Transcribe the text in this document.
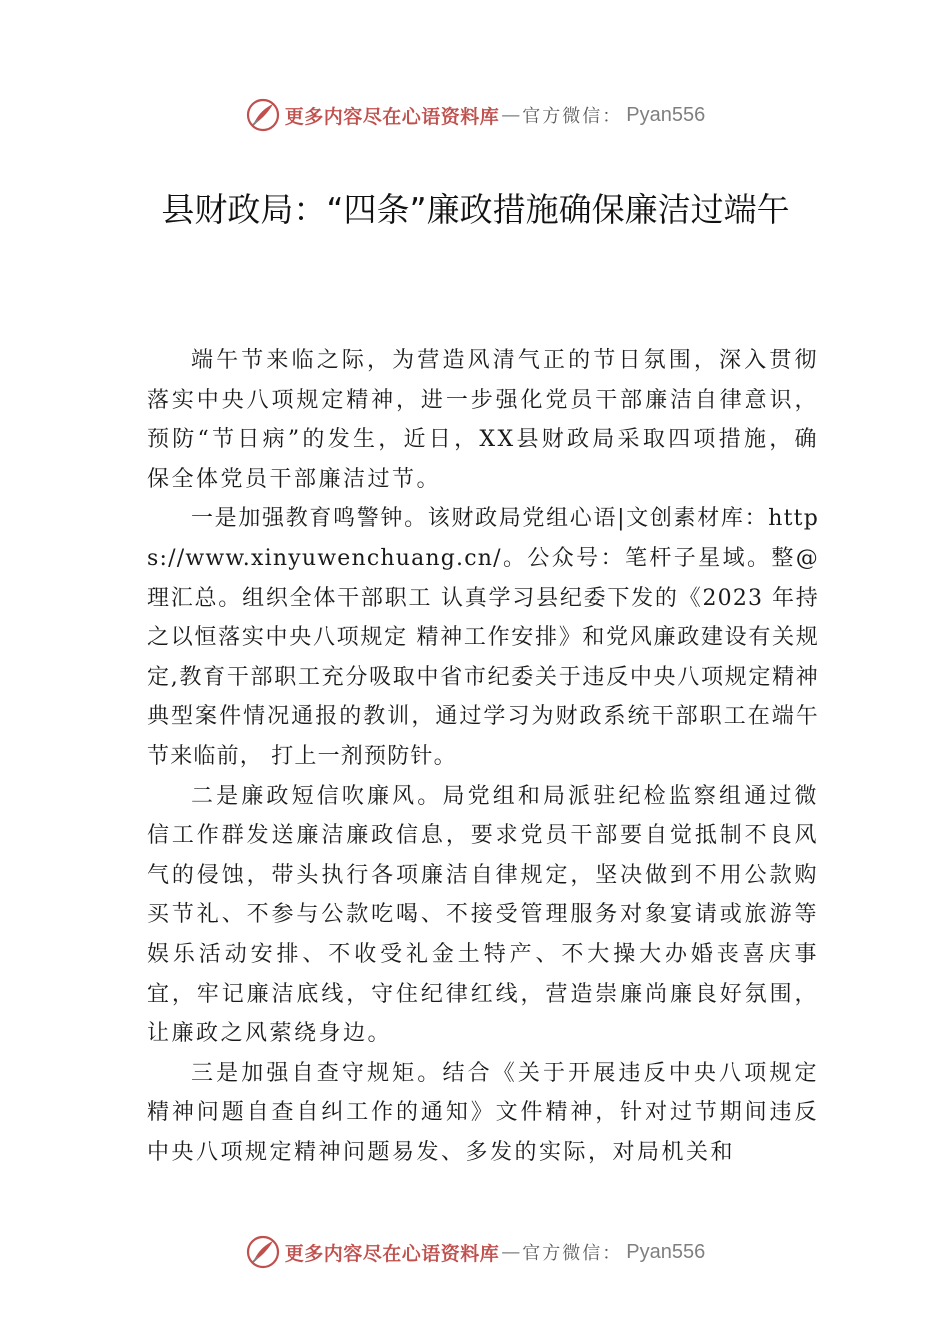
更多内容尽在心语资料库 — 官方微信： Pyan556
县财政局：“四条”廉政措施确保廉洁过端午

端午节来临之际，为营造风清气正的节日氛围，深入贯彻落实中央八项规定精神，进一步强化党员干部廉洁自律意识，预防“节日病”的发生，近日，XX县财政局采取四项措施，确保全体党员干部廉洁过节。

一是加强教育鸣警钟。该财政局党组心语|文创素材库：https://www.xinyuwenchuang.cn/。公众号：笔杆子星域。整@理汇总。组织全体干部职工 认真学习县纪委下发的《2023 年持之以恒落实中央八项规定 精神工作安排》和党风廉政建设有关规定,教育干部职工充分吸取中省市纪委关于违反中央八项规定精神典型案件情况通报的教训，通过学习为财政系统干部职工在端午节来临前， 打上一剂预防针。

二是廉政短信吹廉风。局党组和局派驻纪检监察组通过微信工作群发送廉洁廉政信息，要求党员干部要自觉抵制不良风气的侵蚀，带头执行各项廉洁自律规定，坚决做到不用公款购买节礼、不参与公款吃喝、不接受管理服务对象宴请或旅游等娱乐活动安排、不收受礼金土特产、不大操大办婚丧喜庆事宜，牢记廉洁底线，守住纪律红线，营造崇廉尚廉良好氛围，让廉政之风萦绕身边。

三是加强自查守规矩。结合《关于开展违反中央八项规定精神问题自查自纠工作的通知》文件精神，针对过节期间违反中央八项规定精神问题易发、多发的实际，对局机关和

更多内容尽在心语资料库 — 官方微信： Pyan556
